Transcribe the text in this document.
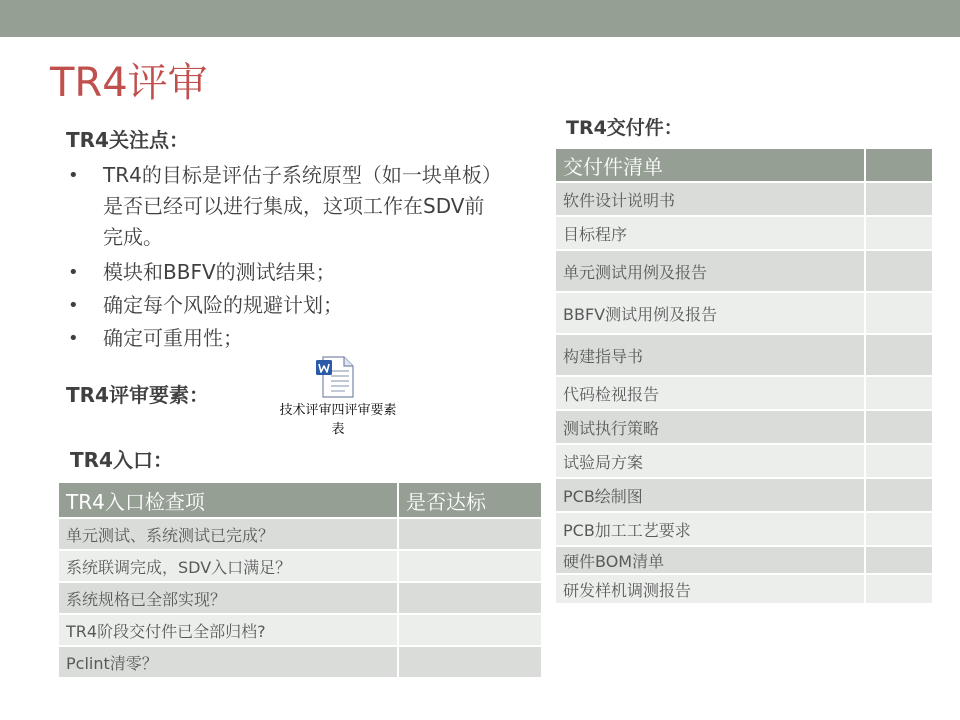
TR4评审
TR4关注点：
• TR4的目标是评估子系统原型（如一块单板）是否已经可以进行集成，这项工作在SDV前完成。
• 模块和BBFV的测试结果；
• 确定每个风险的规避计划；
• 确定可重用性；
TR4评审要素：
技术评审四评审要素表
TR4入口：
TR4入口检查项	是否达标
单元测试、系统测试已完成？	
系统联调完成，SDV入口满足？	
系统规格已全部实现？	
TR4阶段交付件已全部归档?	
Pclint清零？	
TR4交付件：
交付件清单	
软件设计说明书	
目标程序	
单元测试用例及报告	
BBFV测试用例及报告	
构建指导书	
代码检视报告	
测试执行策略	
试验局方案	
PCB绘制图	
PCB加工工艺要求	
硬件BOM清单	
研发样机调测报告	
